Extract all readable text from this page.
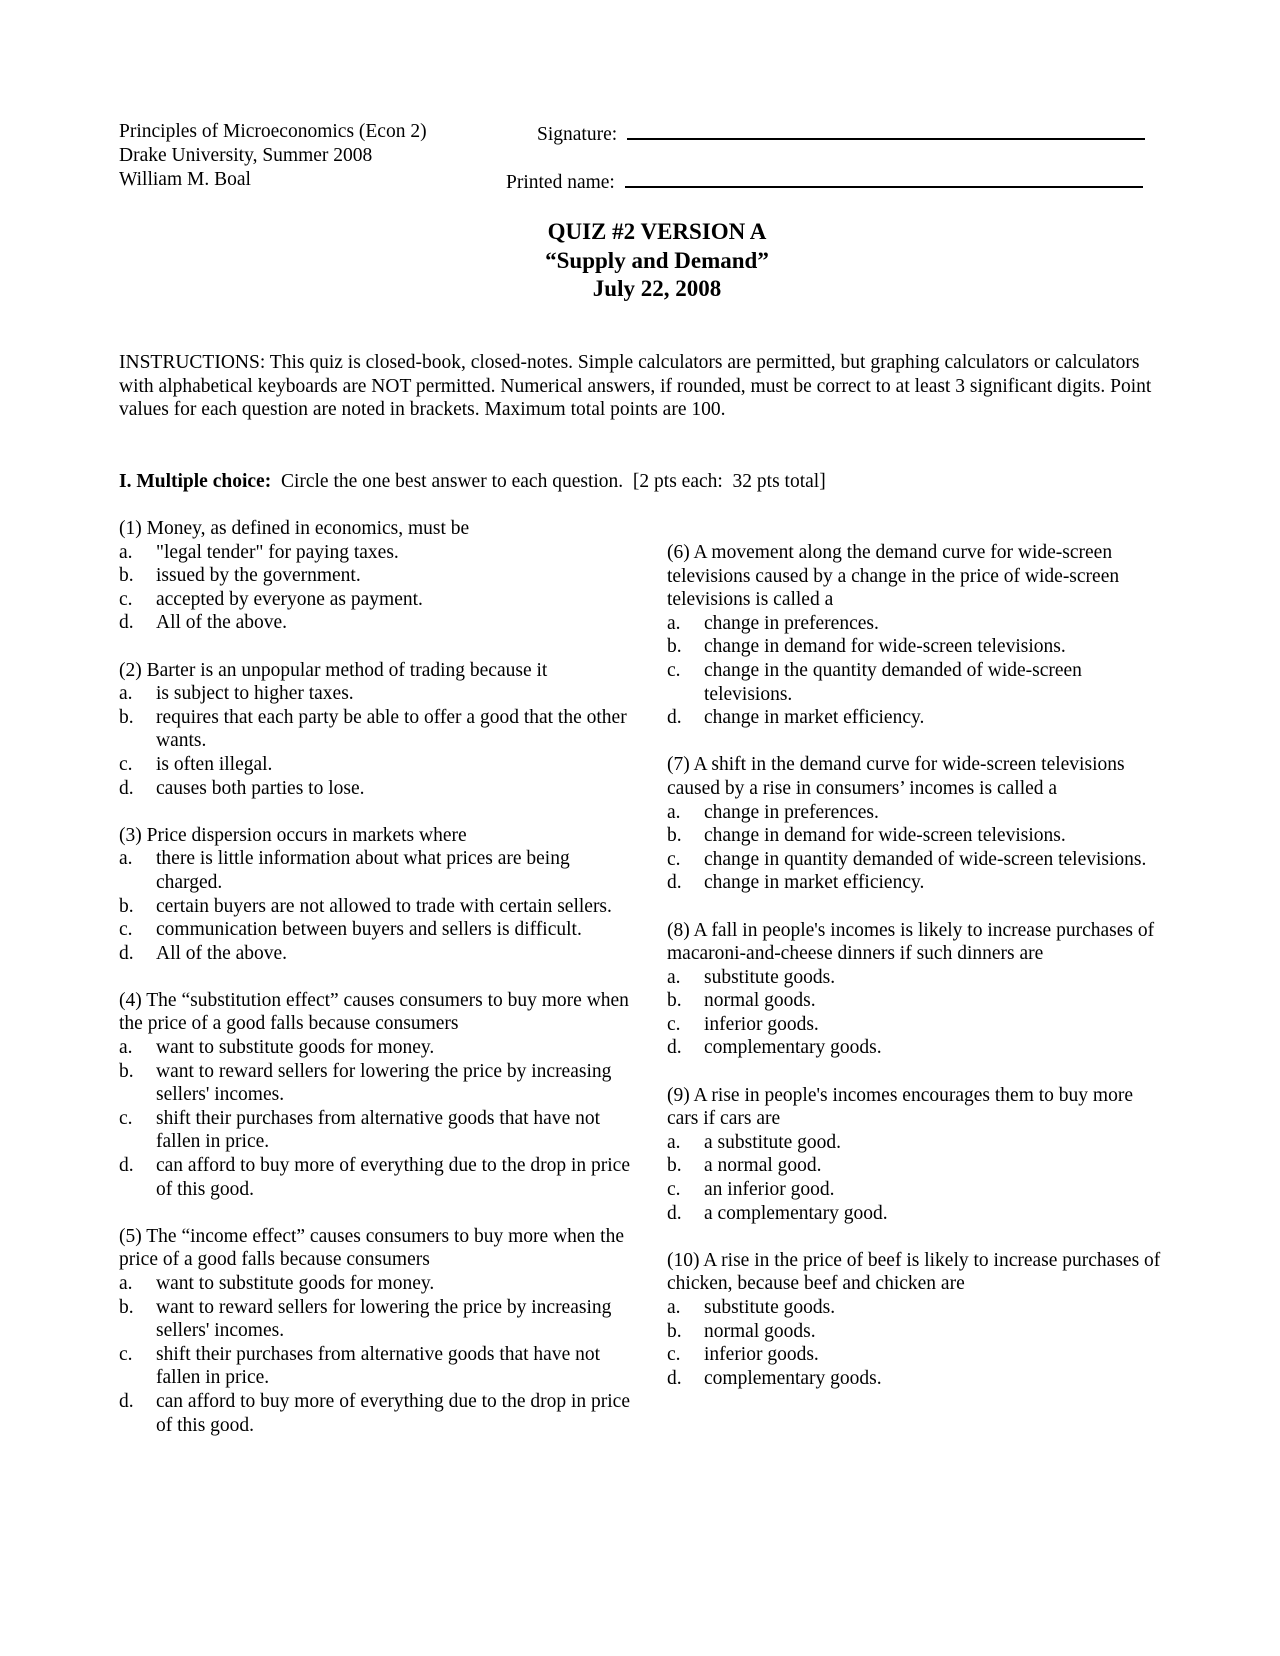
Principles of Microeconomics (Econ 2)
Drake University, Summer 2008
William M. Boal
Signature:
Printed name:
QUIZ #2 VERSION A
“Supply and Demand”
July 22, 2008
INSTRUCTIONS: This quiz is closed-book, closed-notes. Simple calculators are permitted, but graphing calculators or calculators with alphabetical keyboards are NOT permitted. Numerical answers, if rounded, must be correct to at least 3 significant digits. Point values for each question are noted in brackets. Maximum total points are 100.
I. Multiple choice:  Circle the one best answer to each question.  [2 pts each:  32 pts total]
(1) Money, as defined in economics, must be
a.	"legal tender" for paying taxes.
b.	issued by the government.
c.	accepted by everyone as payment.
d.	All of the above.
(2) Barter is an unpopular method of trading because it
a.	is subject to higher taxes.
b.	requires that each party be able to offer a good that the other wants.
c.	is often illegal.
d.	causes both parties to lose.
(3) Price dispersion occurs in markets where
a.	there is little information about what prices are being charged.
b.	certain buyers are not allowed to trade with certain sellers.
c.	communication between buyers and sellers is difficult.
d.	All of the above.
(4) The “substitution effect” causes consumers to buy more when the price of a good falls because consumers
a.	want to substitute goods for money.
b.	want to reward sellers for lowering the price by increasing sellers' incomes.
c.	shift their purchases from alternative goods that have not fallen in price.
d.	can afford to buy more of everything due to the drop in price of this good.
(5) The “income effect” causes consumers to buy more when the price of a good falls because consumers
a.	want to substitute goods for money.
b.	want to reward sellers for lowering the price by increasing sellers' incomes.
c.	shift their purchases from alternative goods that have not fallen in price.
d.	can afford to buy more of everything due to the drop in price of this good.
(6) A movement along the demand curve for wide-screen televisions caused by a change in the price of wide-screen televisions is called a
a.	change in preferences.
b.	change in demand for wide-screen televisions.
c.	change in the quantity demanded of wide-screen televisions.
d.	change in market efficiency.
(7) A shift in the demand curve for wide-screen televisions caused by a rise in consumers’ incomes is called a
a.	change in preferences.
b.	change in demand for wide-screen televisions.
c.	change in quantity demanded of wide-screen televisions.
d.	change in market efficiency.
(8) A fall in people's incomes is likely to increase purchases of macaroni-and-cheese dinners if such dinners are
a.	substitute goods.
b.	normal goods.
c.	inferior goods.
d.	complementary goods.
(9) A rise in people's incomes encourages them to buy more cars if cars are
a.	a substitute good.
b.	a normal good.
c.	an inferior good.
d.	a complementary good.
(10) A rise in the price of beef is likely to increase purchases of chicken, because beef and chicken are
a.	substitute goods.
b.	normal goods.
c.	inferior goods.
d.	complementary goods.
